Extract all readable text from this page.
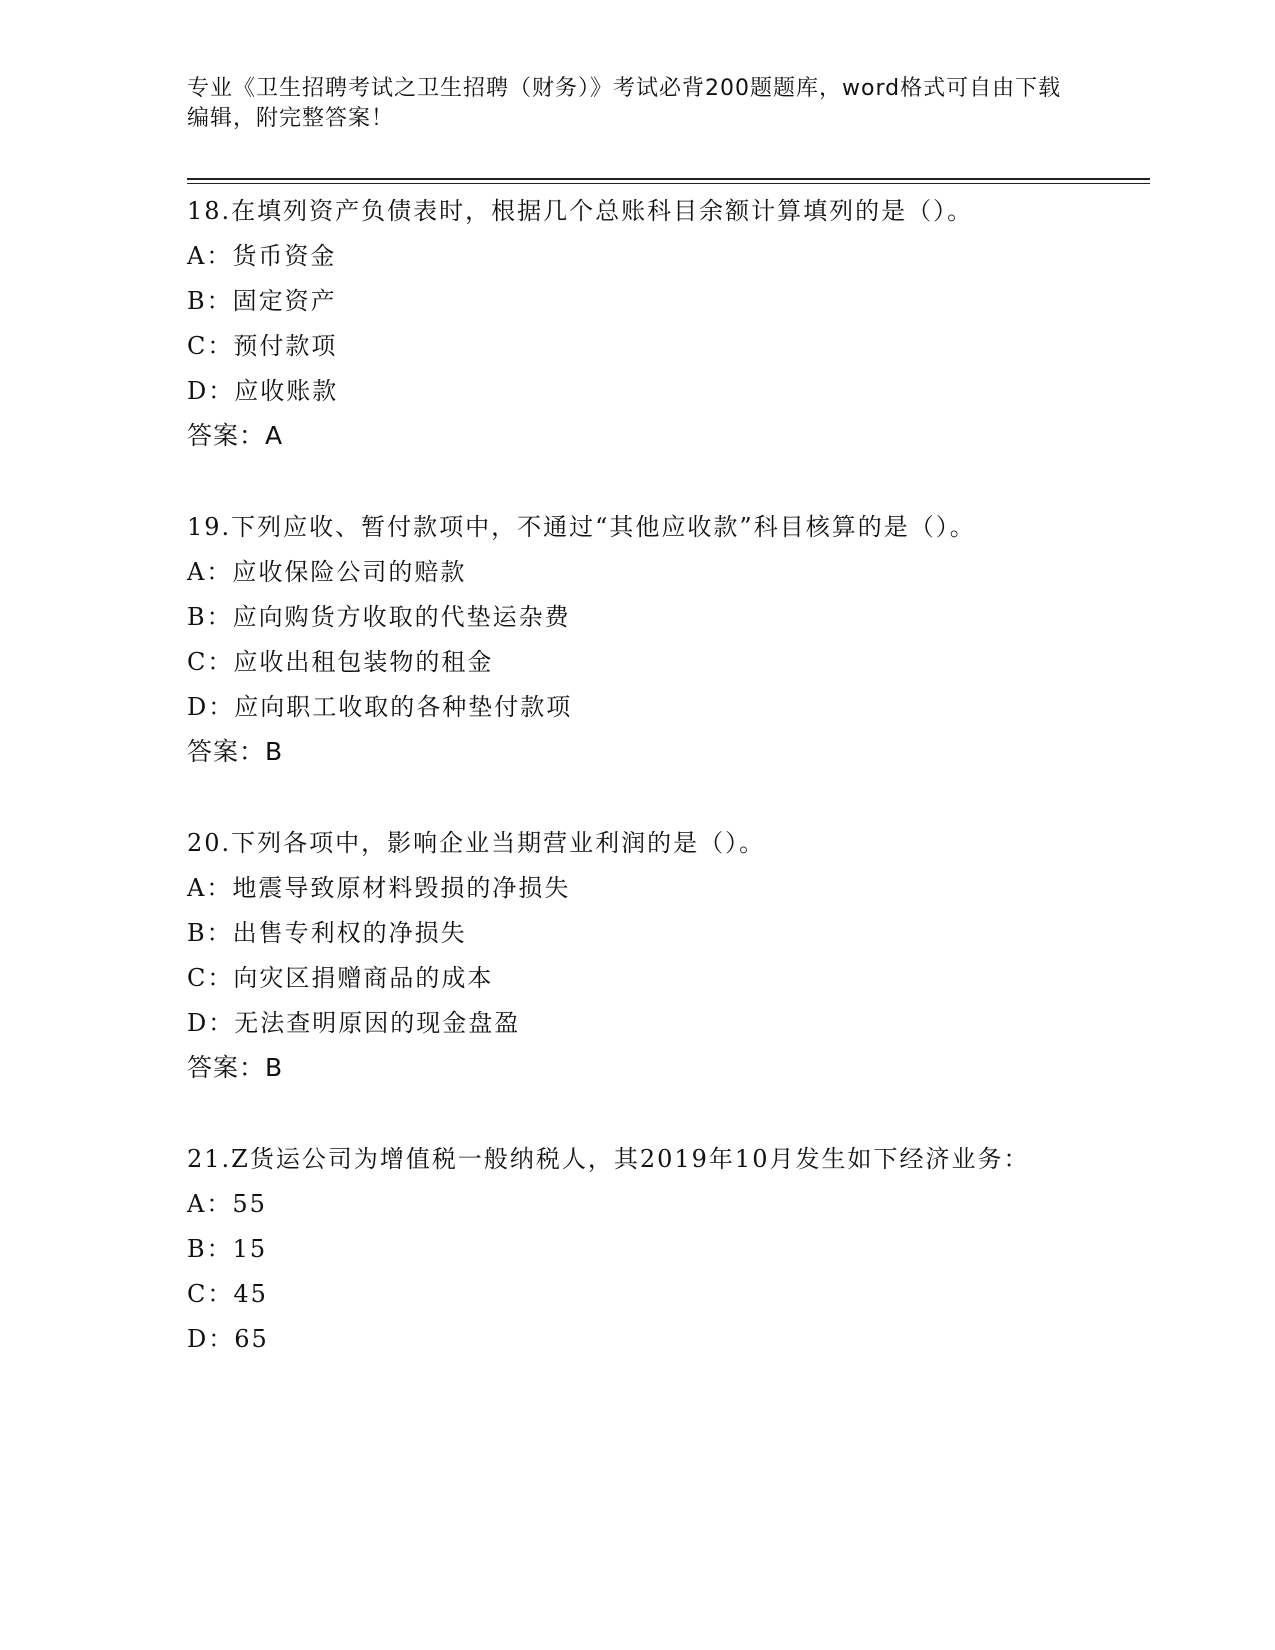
专业《卫生招聘考试之卫生招聘（财务）》考试必背200题题库，word格式可自由下载编辑，附完整答案！
18.在填列资产负债表时，根据几个总账科目余额计算填列的是（）。
A：货币资金
B：固定资产
C：预付款项
D：应收账款
答案：A
19.下列应收、暂付款项中，不通过“其他应收款”科目核算的是（）。
A：应收保险公司的赔款
B：应向购货方收取的代垫运杂费
C：应收出租包装物的租金
D：应向职工收取的各种垫付款项
答案：B
20.下列各项中，影响企业当期营业利润的是（）。
A：地震导致原材料毁损的净损失
B：出售专利权的净损失
C：向灾区捐赠商品的成本
D：无法查明原因的现金盘盈
答案：B
21.Z货运公司为增值税一般纳税人，其2019年10月发生如下经济业务：
A：55
B：15
C：45
D：65
